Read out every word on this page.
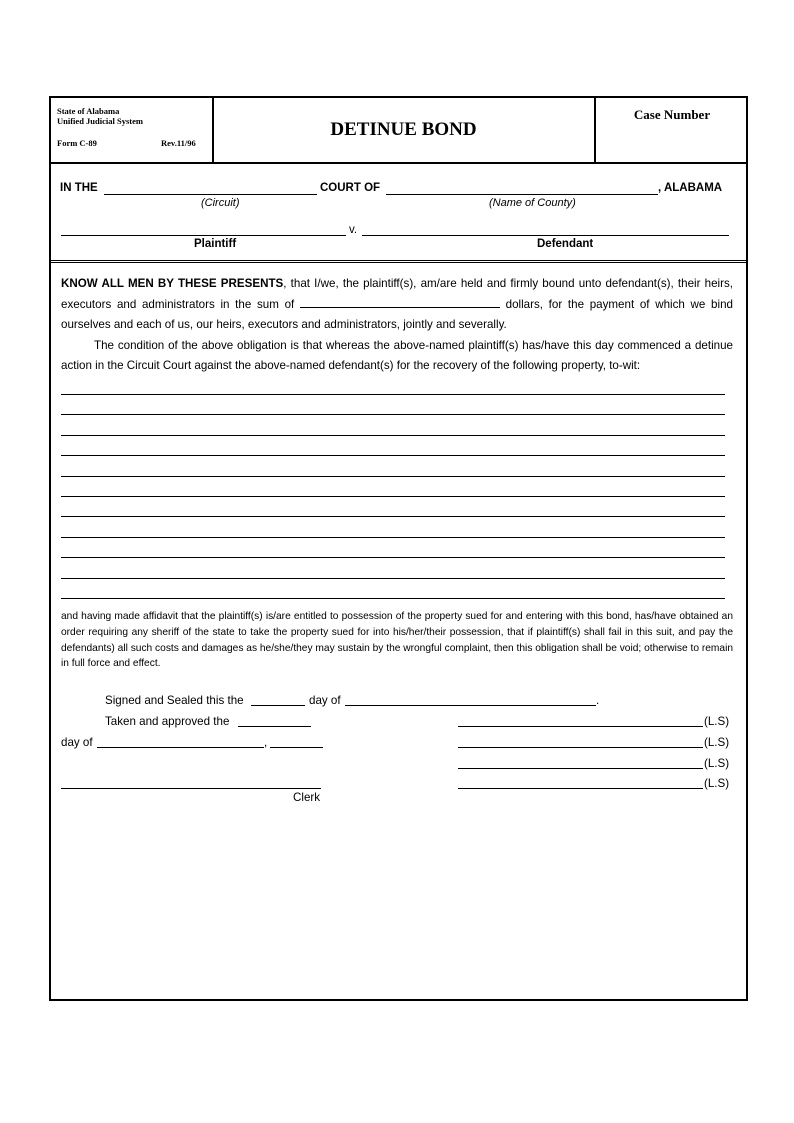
State of Alabama
Unified Judicial System
Form C-89	Rev.11/96
DETINUE BOND
Case Number
IN THE	COURT OF	, ALABAMA
(Circuit)	(Name of County)
v.
Plaintiff	Defendant

KNOW ALL MEN BY THESE PRESENTS, that I/we, the plaintiff(s), am/are held and firmly bound unto defendant(s), their heirs, executors and administrators in the sum of	dollars, for the payment of which we bind ourselves and each of us, our heirs, executors and administrators, jointly and severally.

The condition of the above obligation is that whereas the above-named plaintiff(s) has/have this day commenced a detinue action in the Circuit Court against the above-named defendant(s) for the recovery of the following property, to-wit:

and having made affidavit that the plaintiff(s) is/are entitled to possession of the property sued for and entering with this bond, has/have obtained an order requiring any sheriff of the state to take the property sued for into his/her/their possession, that if plaintiff(s) shall fail in this suit, and pay the defendants) all such costs and damages as he/she/they may sustain by the wrongful complaint, then this obligation shall be void; otherwise to remain in full force and effect.
Signed and Sealed this the	day of	.
Taken and approved the
day of	,
Clerk
(L.S)
(L.S)
(L.S)
(L.S)
